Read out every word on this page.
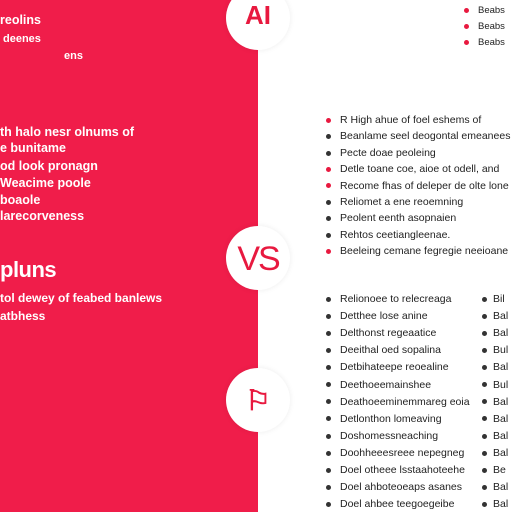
reolins
deenes
ens
th halo nesr olnums of
e bunitame
od look pronagn
Weacime poole
boaole
larecorveness
pluns
tol dewey of feabed banlews
atbhess
Beabs
Beabs
Beabs
R High ahue of foel eshems of
Beanlame seel deogontal emeanees
Pecte doae peoleing
Detle toane coe, aioe ot odell, and
Recome fhas of deleper de olte lone
Reliomet a ene reoemning
Peolent eenth asopnaien
Rehtos ceetiangleenae.
Beeleing cemane fegregie neeioane
Relionoee to relecreaga	Bil
Detthee lose anine	Bal
Delthonst regeaatice	Bal
Deeithal oed sopalina	Bul
Detbihateepe reoealine	Bal
Deethoeemainshee	Bul
Deathoeeminemmareg eoia	Bal
Detlonthon lomeaving	Bal
Doshomessneaching	Bal
Doohheeesreee nepegneg	Bal
Doel otheee lsstaahoteehe	Be
Doel ahboteoeaps asanes	Bal
Doel ahbee teegoegeibe	Bal
AI
VS
⚐
